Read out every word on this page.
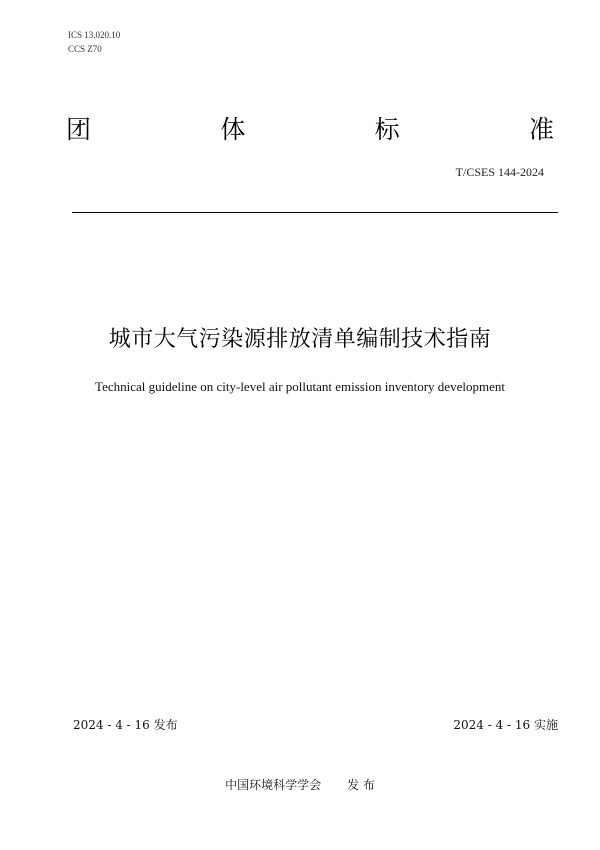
ICS 13.020.10
CCS Z70
团	体	标	准
T/CSES 144-2024
城市大气污染源排放清单编制技术指南
Technical guideline on city-level air pollutant emission inventory development
2024 - 4 - 16 发布	2024 - 4 - 16 实施
中国环境科学学会 发 布
